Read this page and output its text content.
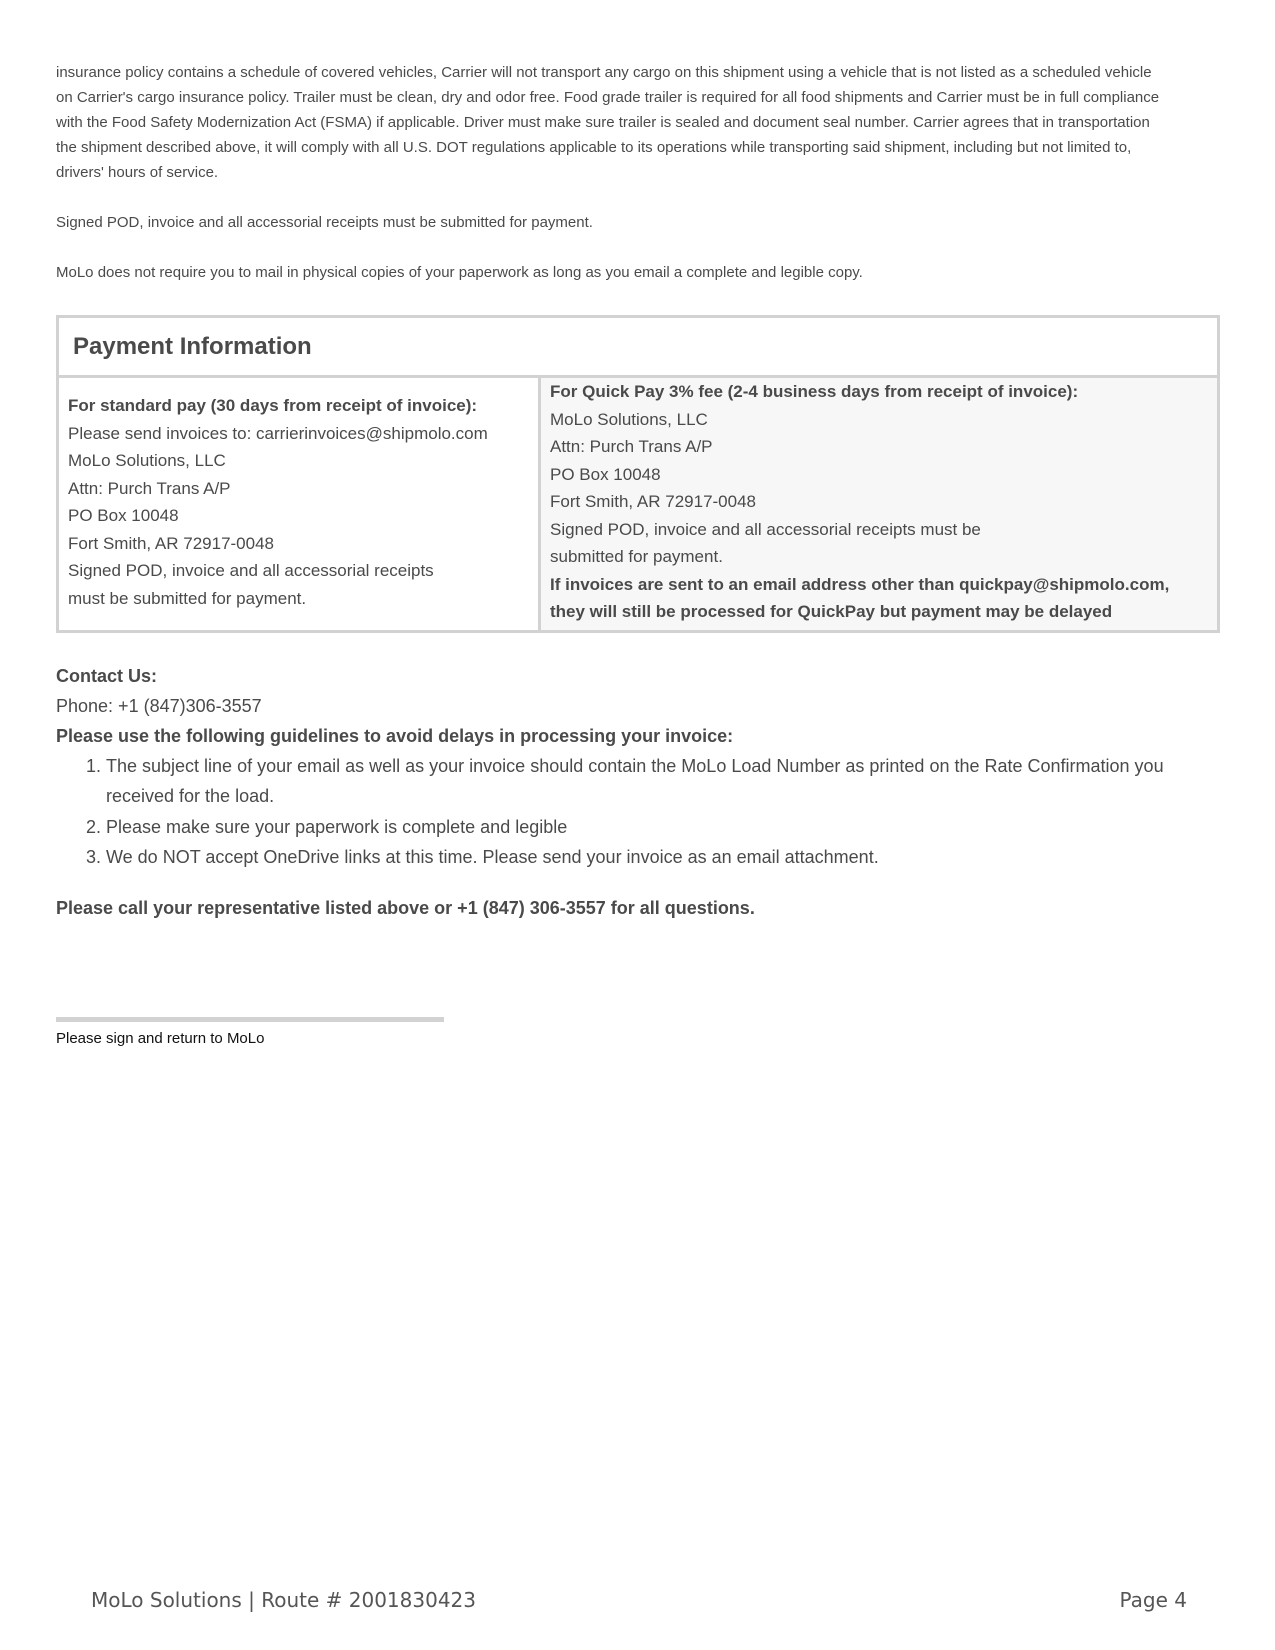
insurance policy contains a schedule of covered vehicles, Carrier will not transport any cargo on this shipment using a vehicle that is not listed as a scheduled vehicle
on Carrier's cargo insurance policy. Trailer must be clean, dry and odor free. Food grade trailer is required for all food shipments and Carrier must be in full compliance
with the Food Safety Modernization Act (FSMA) if applicable. Driver must make sure trailer is sealed and document seal number. Carrier agrees that in transportation
the shipment described above, it will comply with all U.S. DOT regulations applicable to its operations while transporting said shipment, including but not limited to,
drivers' hours of service.

Signed POD, invoice and all accessorial receipts must be submitted for payment.

MoLo does not require you to mail in physical copies of your paperwork as long as you email a complete and legible copy.

Payment Information
For standard pay (30 days from receipt of invoice):
Please send invoices to: carrierinvoices@shipmolo.com
MoLo Solutions, LLC
Attn: Purch Trans A/P
PO Box 10048
Fort Smith, AR 72917-0048
Signed POD, invoice and all accessorial receipts
must be submitted for payment.
For Quick Pay 3% fee (2-4 business days from receipt of invoice):
MoLo Solutions, LLC
Attn: Purch Trans A/P
PO Box 10048
Fort Smith, AR 72917-0048
Signed POD, invoice and all accessorial receipts must be
submitted for payment.
If invoices are sent to an email address other than quickpay@shipmolo.com,
they will still be processed for QuickPay but payment may be delayed
Contact Us:
Phone: +1 (847)306-3557
Please use the following guidelines to avoid delays in processing your invoice:
1. The subject line of your email as well as your invoice should contain the MoLo Load Number as printed on the Rate Confirmation you received for the load.
2. Please make sure your paperwork is complete and legible
3. We do NOT accept OneDrive links at this time. Please send your invoice as an email attachment.
Please call your representative listed above or +1 (847) 306-3557 for all questions.
Please sign and return to MoLo
MoLo Solutions | Route # 2001830423	Page 4
